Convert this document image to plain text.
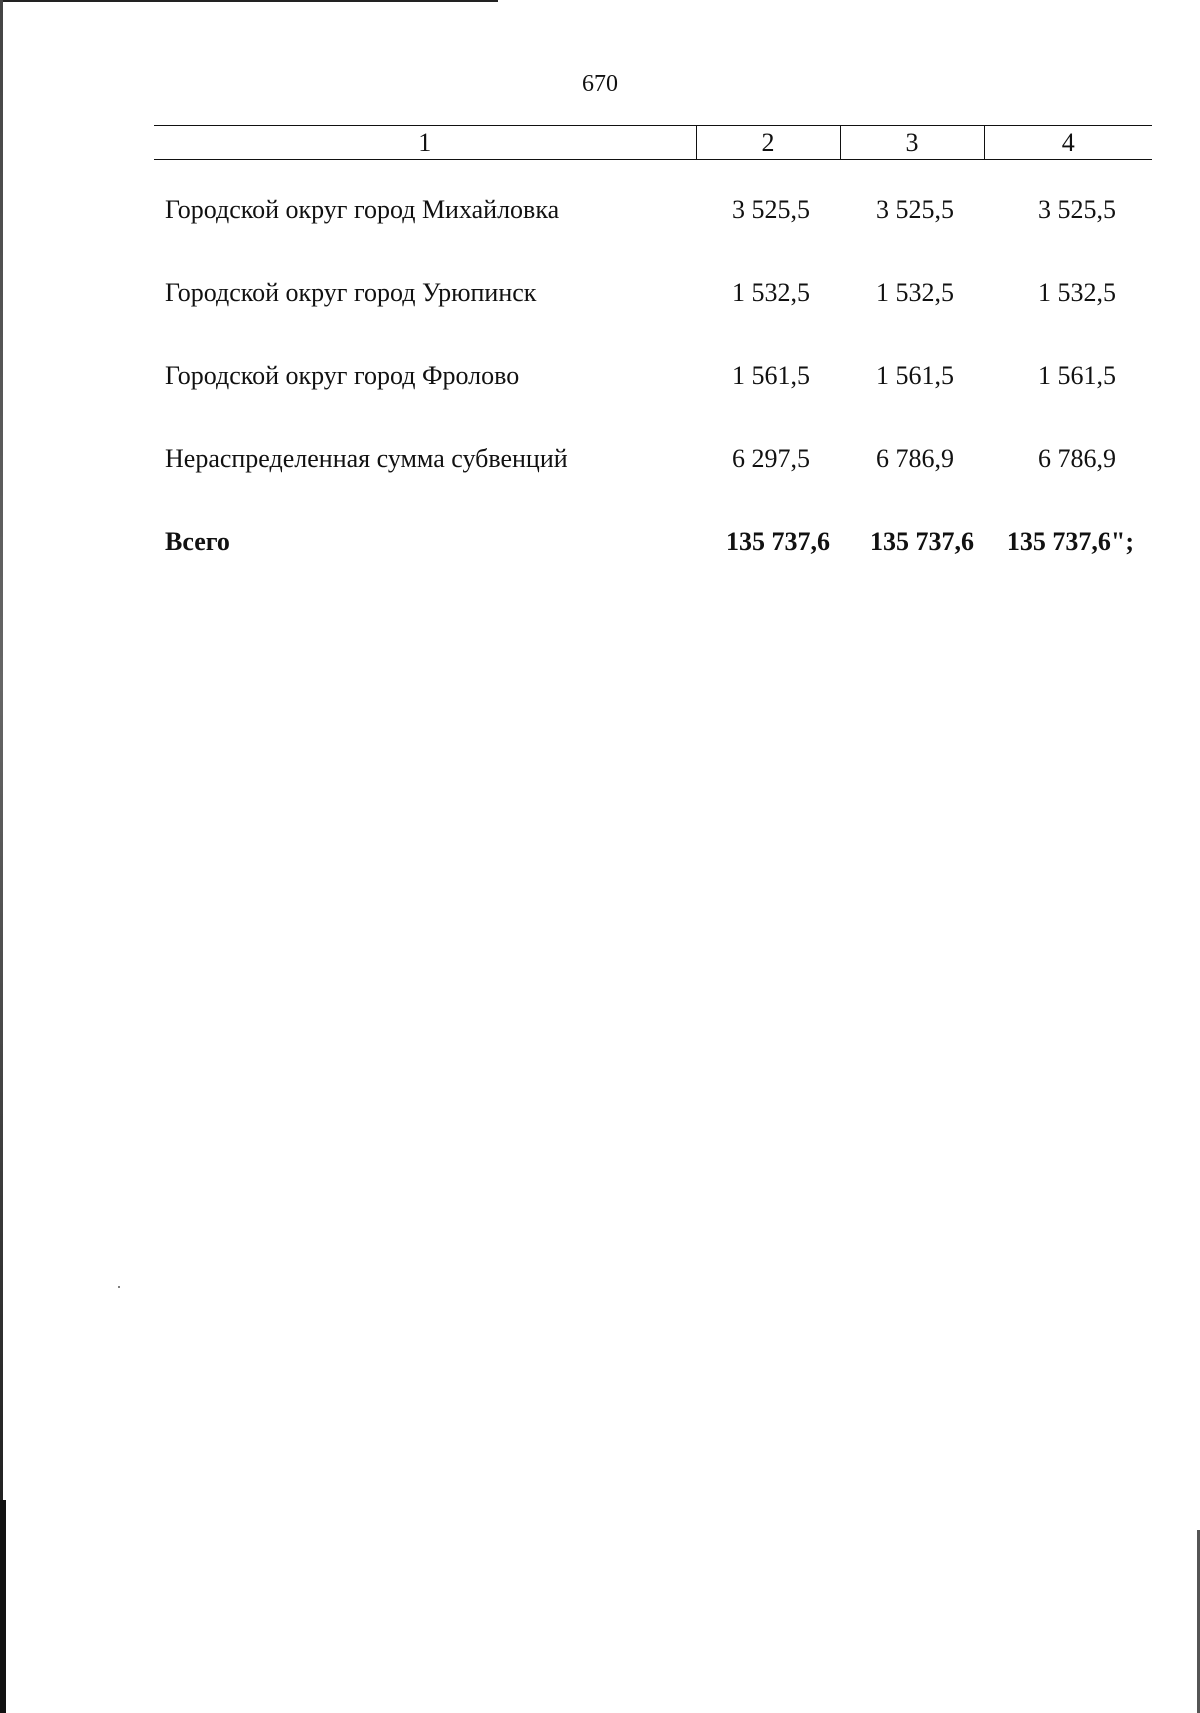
670
1	2	3	4
Городской округ город Михайловка	3 525,5	3 525,5	3 525,5
Городской округ город Урюпинск	1 532,5	1 532,5	1 532,5
Городской округ город Фролово	1 561,5	1 561,5	1 561,5
Нераспределенная сумма субвенций	6 297,5	6 786,9	6 786,9
Всего	135 737,6	135 737,6	135 737,6";
